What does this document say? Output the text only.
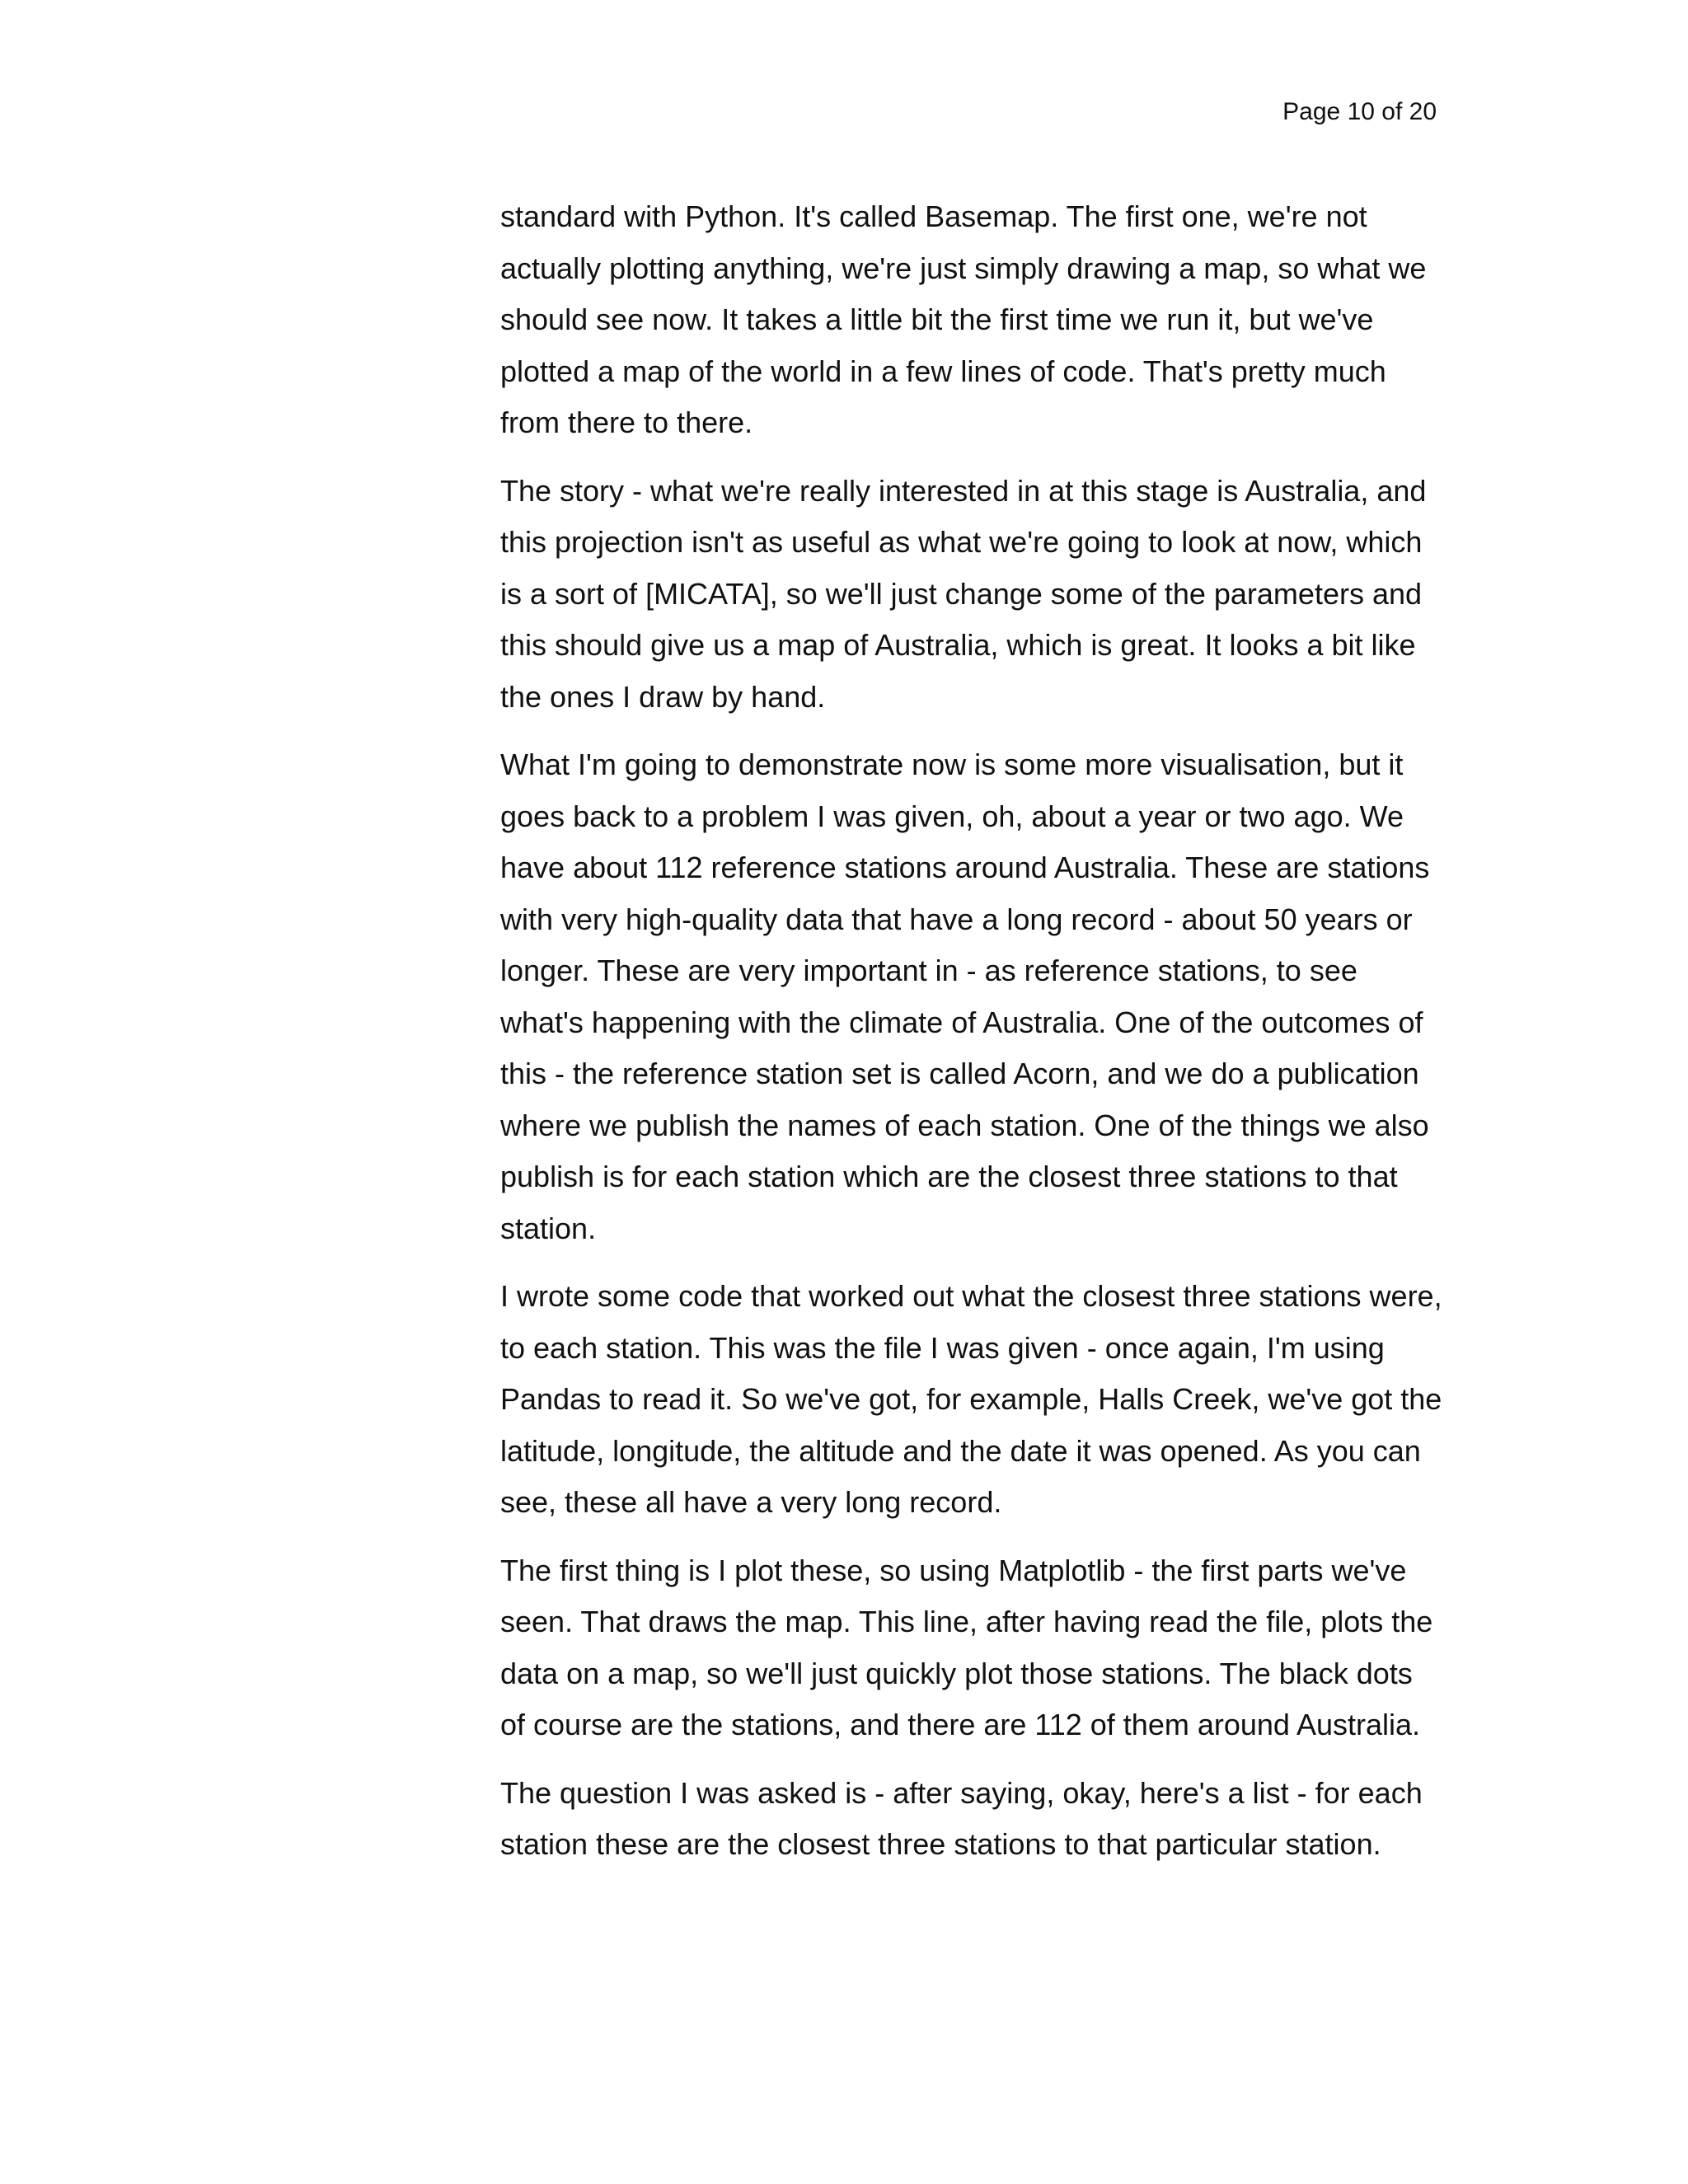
Page 10 of 20

standard with Python. It's called Basemap. The first one, we're not actually plotting anything, we're just simply drawing a map, so what we should see now. It takes a little bit the first time we run it, but we've plotted a map of the world in a few lines of code. That's pretty much from there to there.

The story - what we're really interested in at this stage is Australia, and this projection isn't as useful as what we're going to look at now, which is a sort of [MICATA], so we'll just change some of the parameters and this should give us a map of Australia, which is great. It looks a bit like the ones I draw by hand.

What I'm going to demonstrate now is some more visualisation, but it goes back to a problem I was given, oh, about a year or two ago. We have about 112 reference stations around Australia. These are stations with very high-quality data that have a long record - about 50 years or longer. These are very important in - as reference stations, to see what's happening with the climate of Australia. One of the outcomes of this - the reference station set is called Acorn, and we do a publication where we publish the names of each station. One of the things we also publish is for each station which are the closest three stations to that station.

I wrote some code that worked out what the closest three stations were, to each station. This was the file I was given - once again, I'm using Pandas to read it. So we've got, for example, Halls Creek, we've got the latitude, longitude, the altitude and the date it was opened. As you can see, these all have a very long record.

The first thing is I plot these, so using Matplotlib - the first parts we've seen. That draws the map. This line, after having read the file, plots the data on a map, so we'll just quickly plot those stations. The black dots of course are the stations, and there are 112 of them around Australia.

The question I was asked is - after saying, okay, here's a list - for each station these are the closest three stations to that particular station.
